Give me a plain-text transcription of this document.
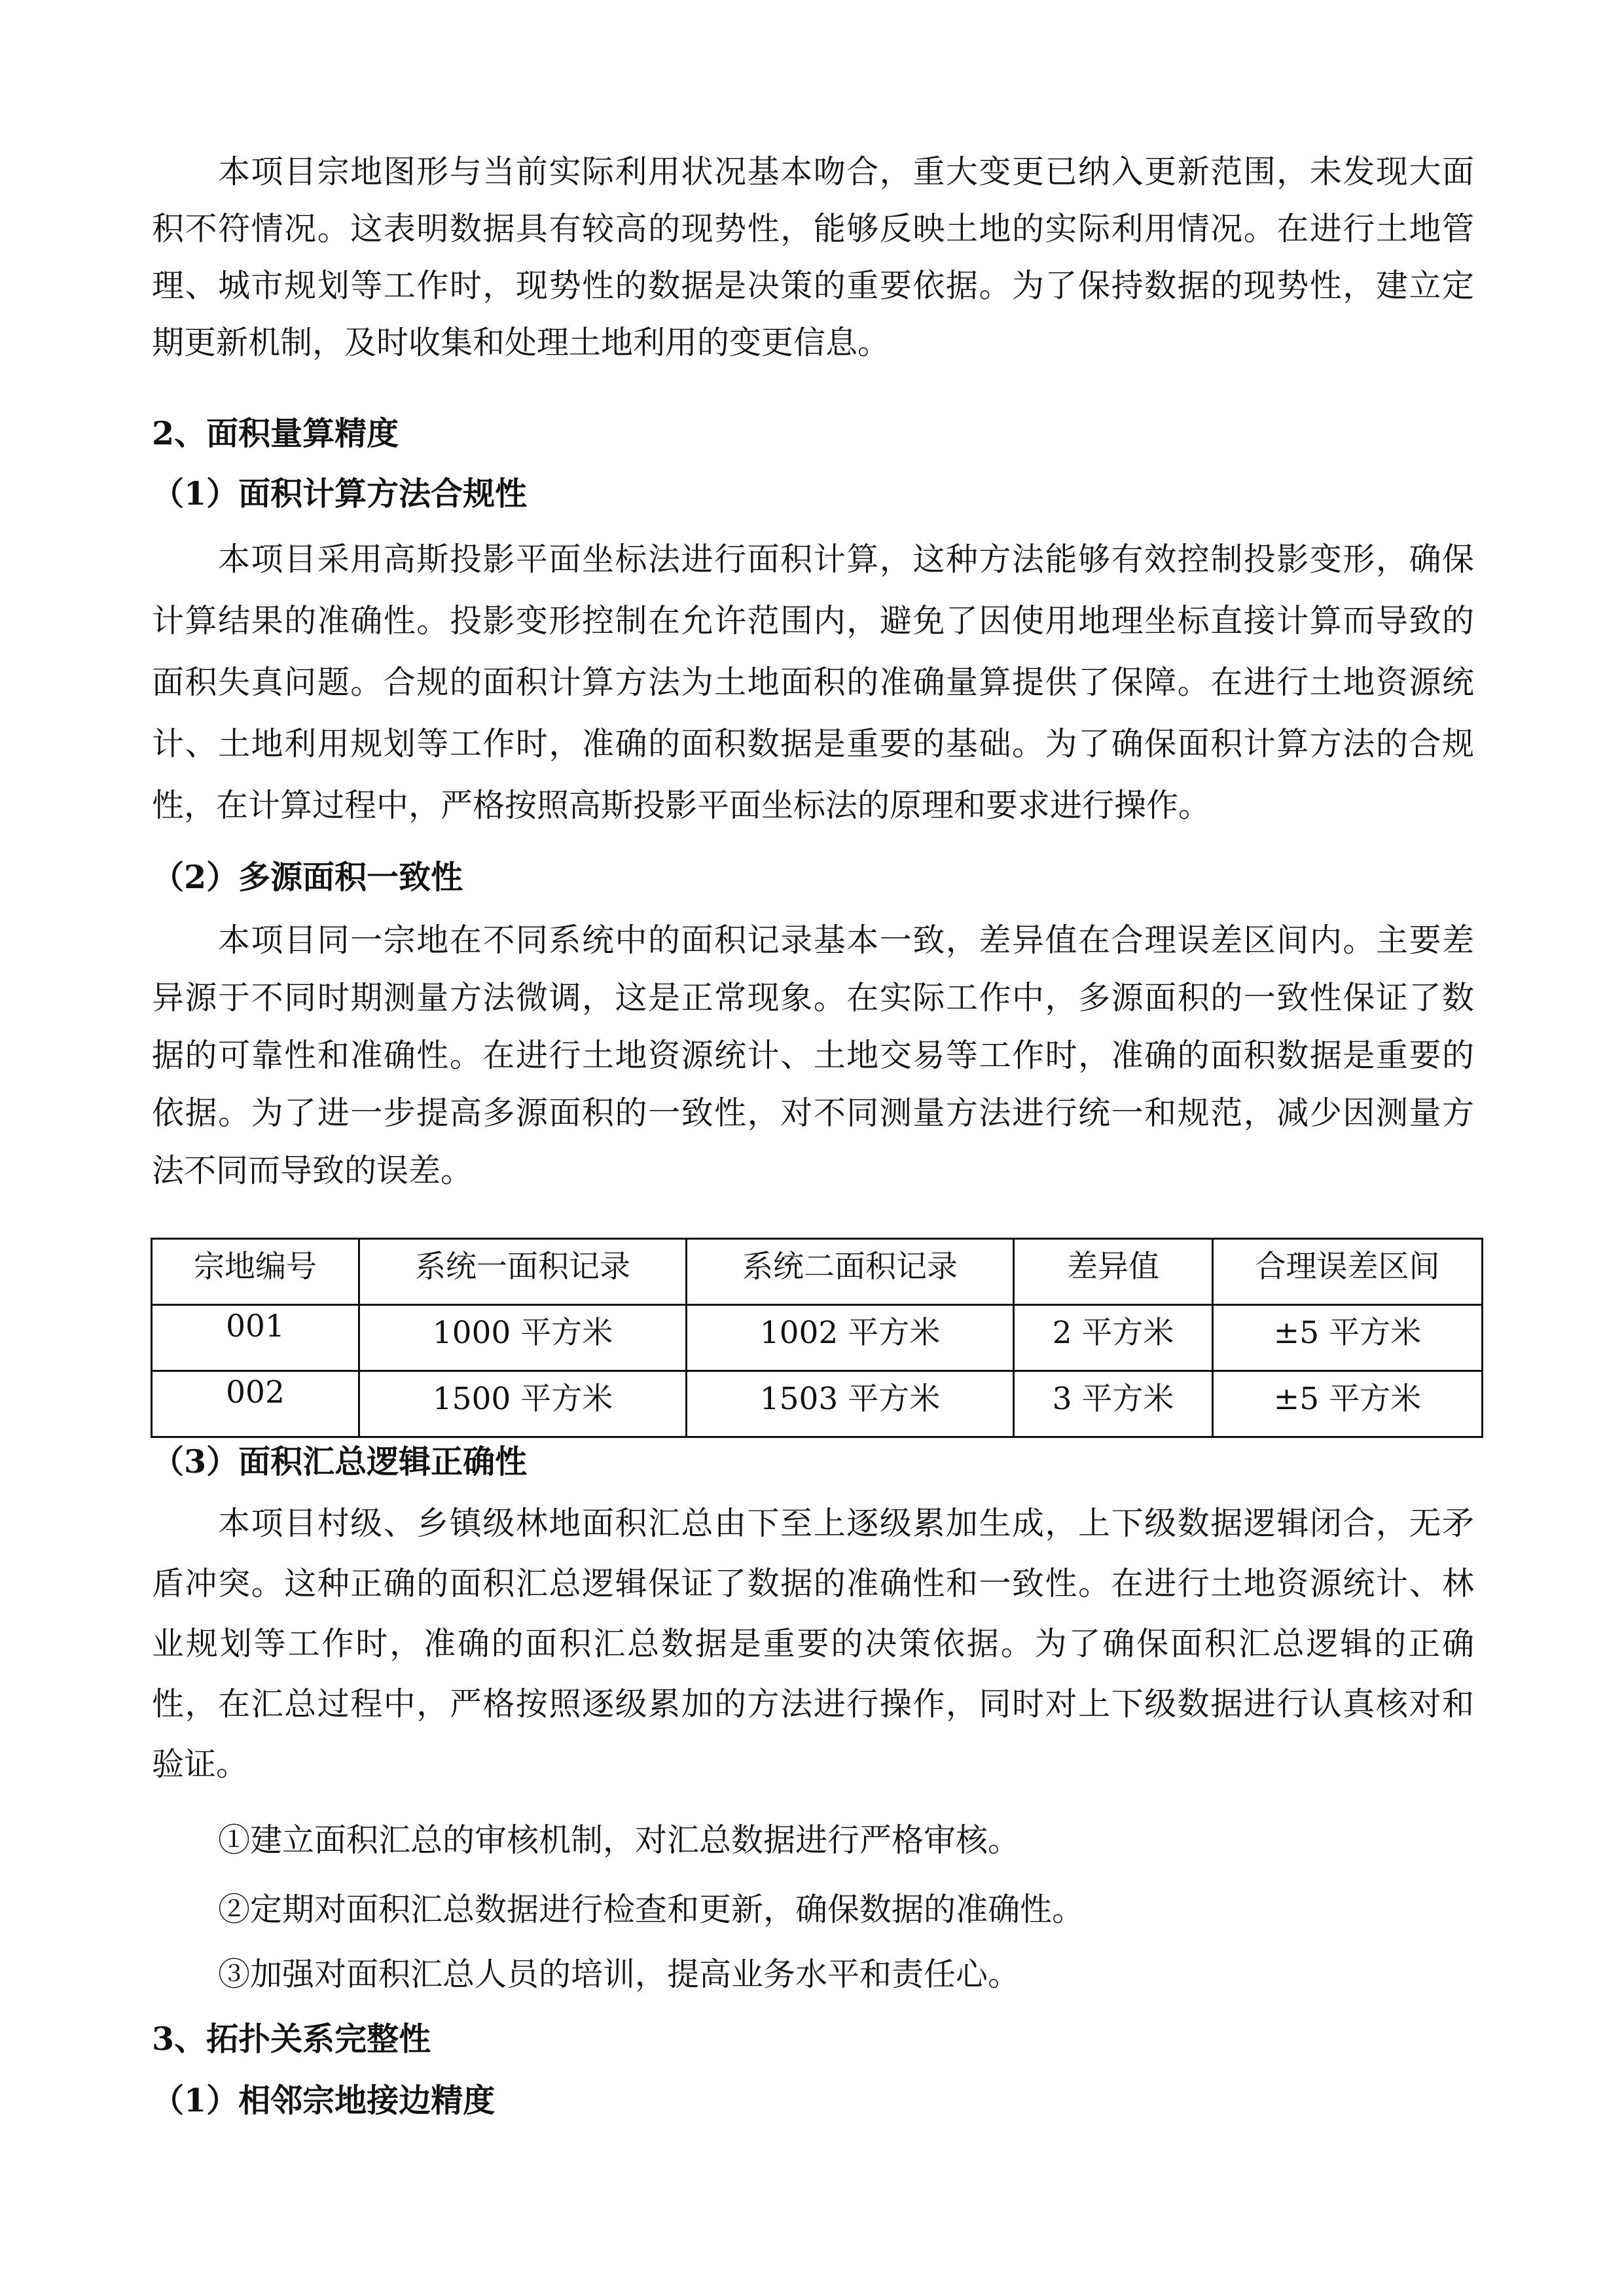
本项目宗地图形与当前实际利用状况基本吻合，重大变更已纳入更新范围，未发现大面
积不符情况。这表明数据具有较高的现势性，能够反映土地的实际利用情况。在进行土地管
理、城市规划等工作时，现势性的数据是决策的重要依据。为了保持数据的现势性，建立定
期更新机制，及时收集和处理土地利用的变更信息。
2、面积量算精度
（1）面积计算方法合规性
本项目采用高斯投影平面坐标法进行面积计算，这种方法能够有效控制投影变形，确保
计算结果的准确性。投影变形控制在允许范围内，避免了因使用地理坐标直接计算而导致的
面积失真问题。合规的面积计算方法为土地面积的准确量算提供了保障。在进行土地资源统
计、土地利用规划等工作时，准确的面积数据是重要的基础。为了确保面积计算方法的合规
性，在计算过程中，严格按照高斯投影平面坐标法的原理和要求进行操作。
（2）多源面积一致性
本项目同一宗地在不同系统中的面积记录基本一致，差异值在合理误差区间内。主要差
异源于不同时期测量方法微调，这是正常现象。在实际工作中，多源面积的一致性保证了数
据的可靠性和准确性。在进行土地资源统计、土地交易等工作时，准确的面积数据是重要的
依据。为了进一步提高多源面积的一致性，对不同测量方法进行统一和规范，减少因测量方
法不同而导致的误差。
宗地编号	系统一面积记录	系统二面积记录	差异值	合理误差区间
001	1000 平方米	1002 平方米	2 平方米	±5 平方米
002	1500 平方米	1503 平方米	3 平方米	±5 平方米
（3）面积汇总逻辑正确性
本项目村级、乡镇级林地面积汇总由下至上逐级累加生成，上下级数据逻辑闭合，无矛
盾冲突。这种正确的面积汇总逻辑保证了数据的准确性和一致性。在进行土地资源统计、林
业规划等工作时，准确的面积汇总数据是重要的决策依据。为了确保面积汇总逻辑的正确
性，在汇总过程中，严格按照逐级累加的方法进行操作，同时对上下级数据进行认真核对和
验证。
①建立面积汇总的审核机制，对汇总数据进行严格审核。
②定期对面积汇总数据进行检查和更新，确保数据的准确性。
③加强对面积汇总人员的培训，提高业务水平和责任心。
3、拓扑关系完整性
（1）相邻宗地接边精度
